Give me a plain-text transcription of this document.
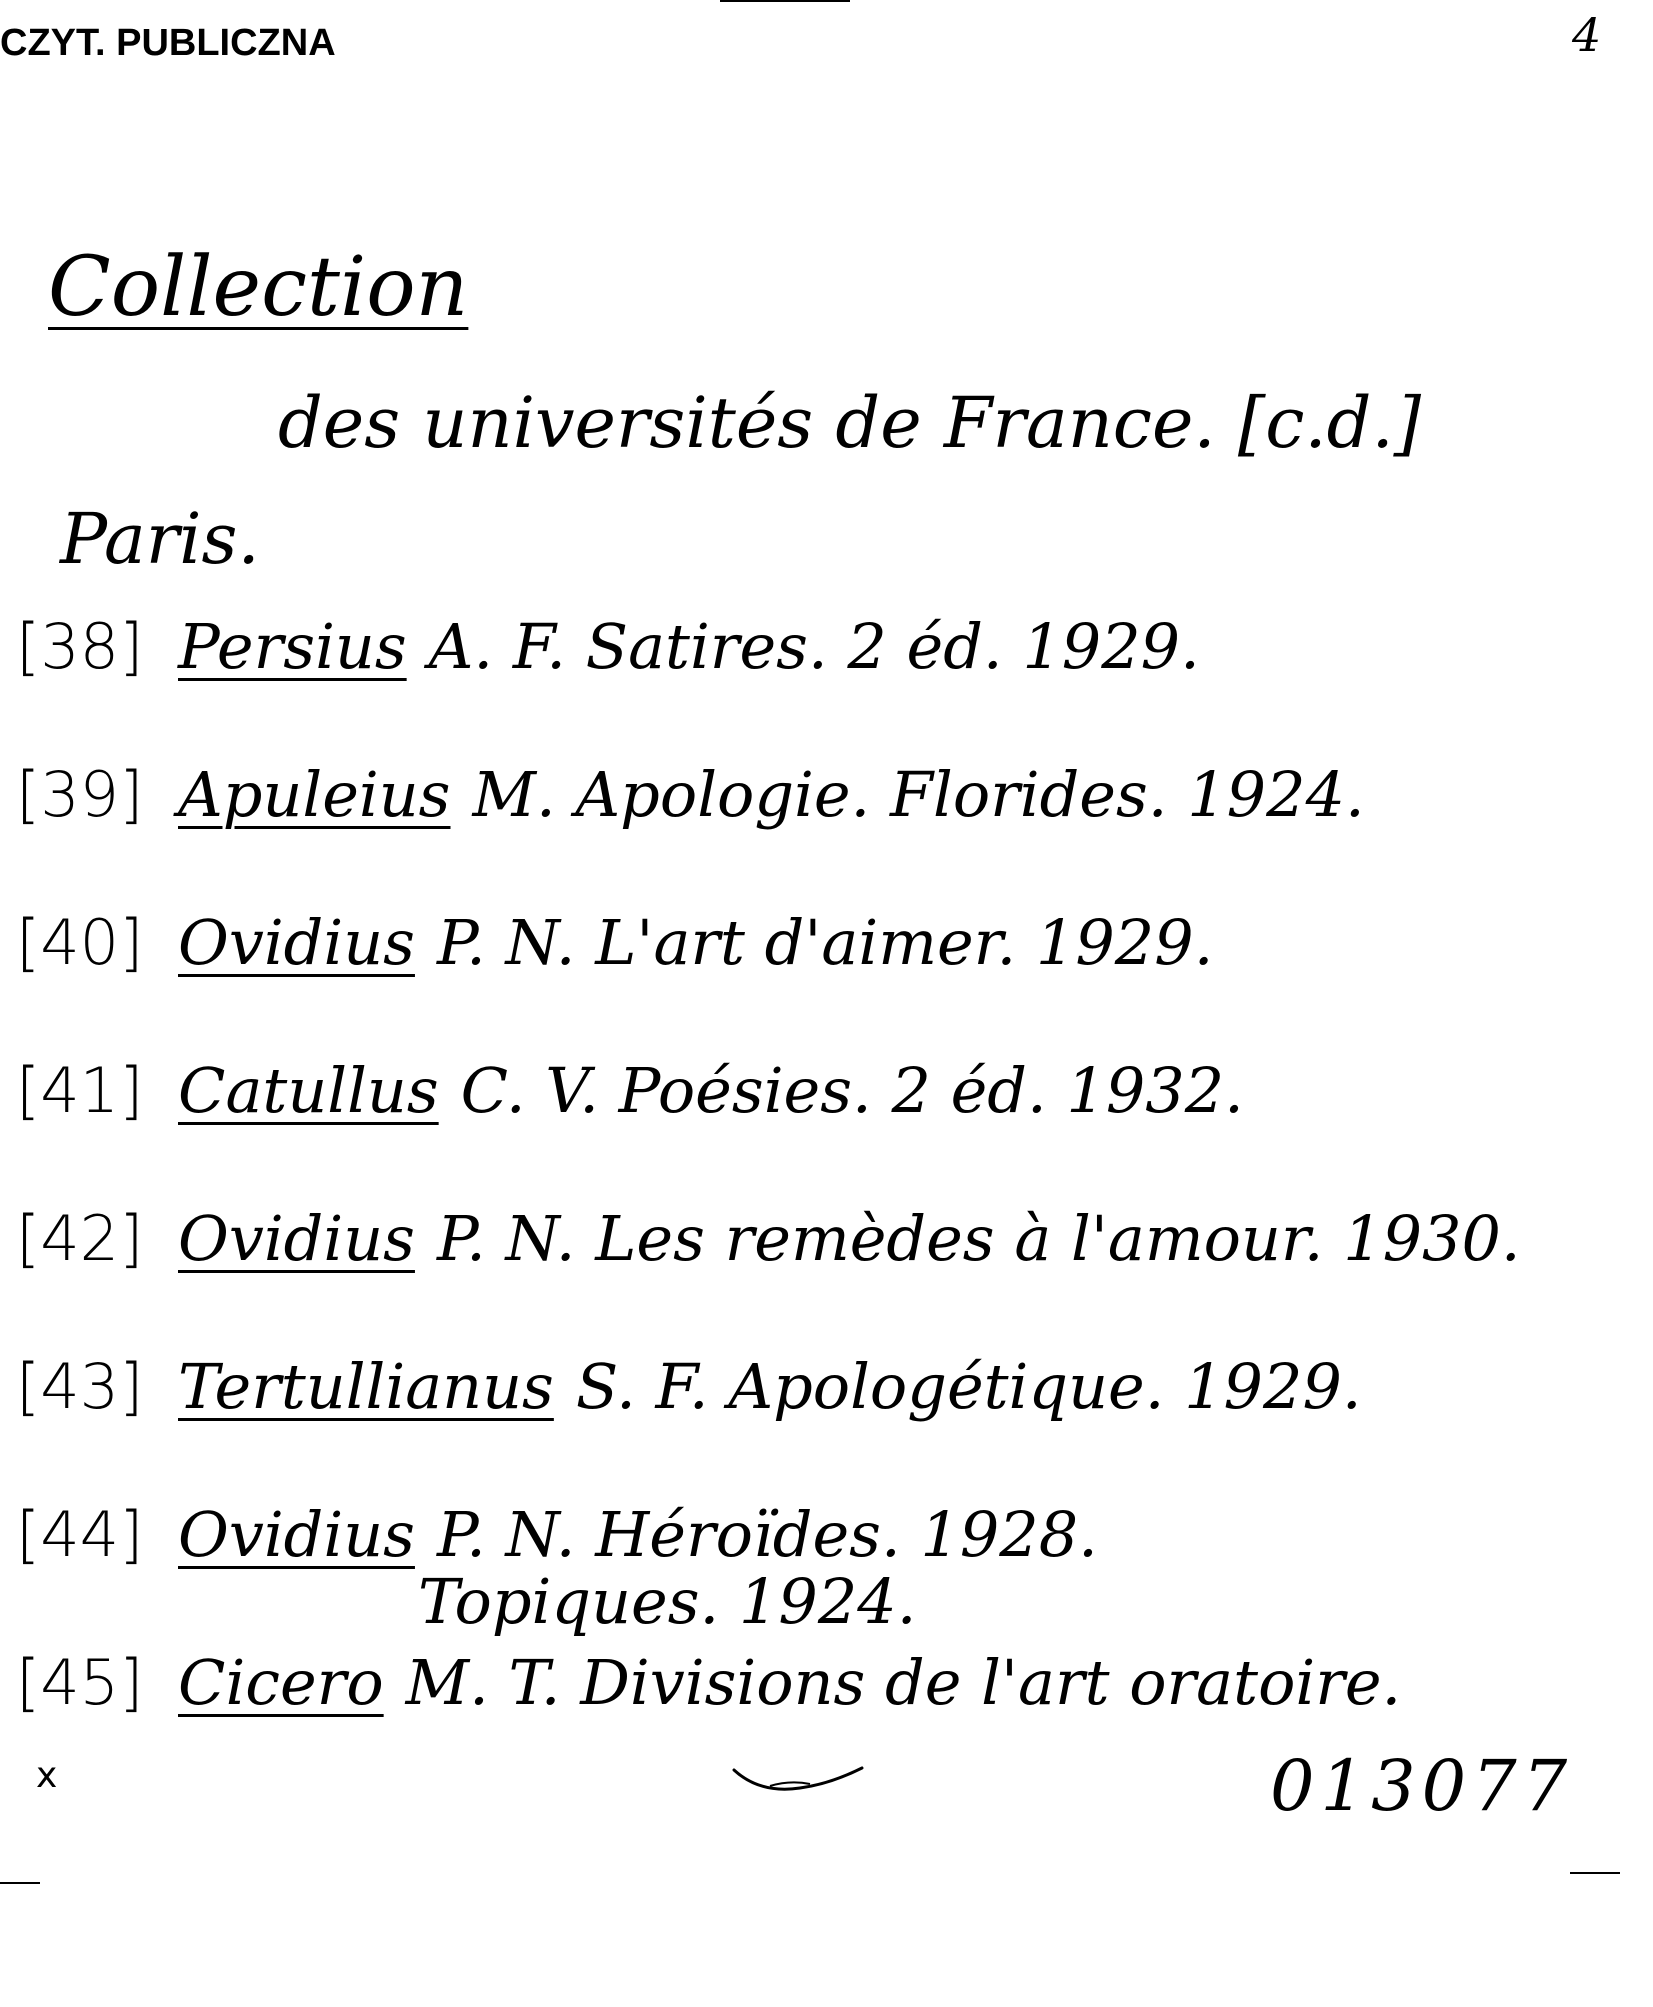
CZYT. PUBLICZNA	4
Collection
des universités de France. [c.d.]
Paris.
[38] Persius A. F. Satires. 2 éd. 1929.
[39] Apuleius M. Apologie. Florides. 1924.
[40] Ovidius P. N. L'art d'aimer. 1929.
[41] Catullus C. V. Poésies. 2 éd. 1932.
[42] Ovidius P. N. Les remèdes à l'amour. 1930.
[43] Tertullianus S. F. Apologétique. 1929.
[44] Ovidius P. N. Héroïdes. 1928.
[45] Cicero M. T. Divisions de l'art oratoire.
Topiques. 1924.
x	013077
